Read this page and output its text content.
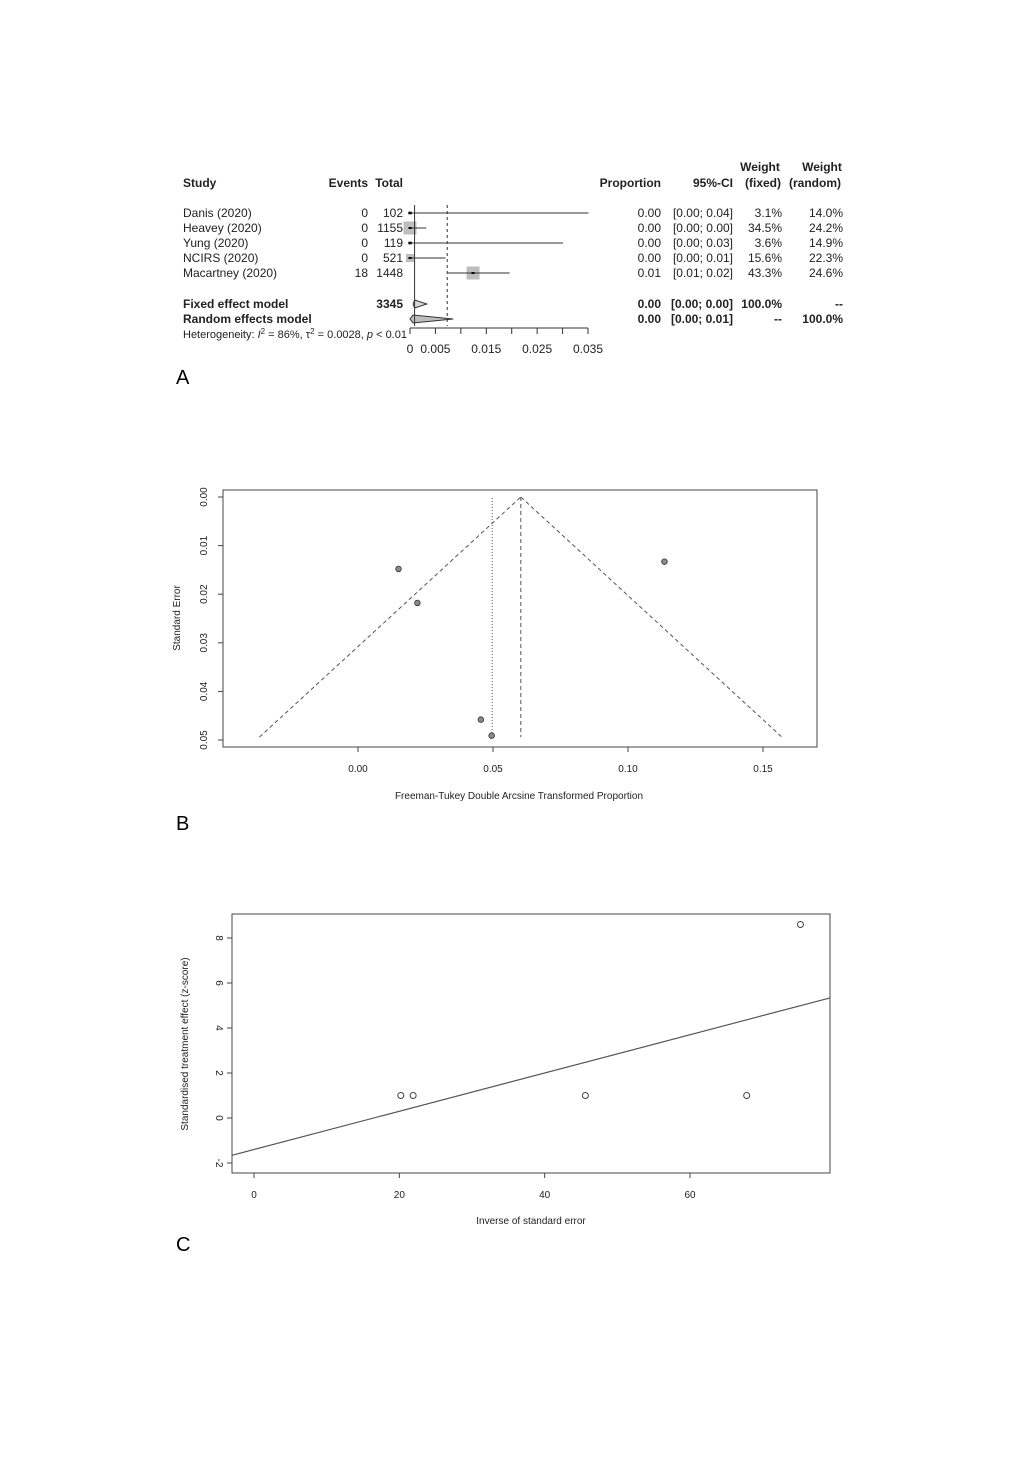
Weight Weight
Study	Events Total	Proportion	95%-CI (fixed) (random)
Danis (2020)	0 102	0.00 [0.00; 0.04] 3.1% 14.0%
Heavey (2020)	0 1155	0.00 [0.00; 0.00] 34.5% 24.2%
Yung (2020)	0 119	0.00 [0.00; 0.03] 3.6% 14.9%
NCIRS (2020)	0 521	0.00 [0.00; 0.01] 15.6% 22.3%
Macartney (2020)	18 1448	0.01 [0.01; 0.02] 43.3% 24.6%
Fixed effect model	3345	0.00 [0.00; 0.00] 100.0%	--
Random effects model	0.00 [0.00; 0.01]	-- 100.0%
0 0.005 0.015 0.025 0.035
Heterogeneity: $I^2 = 86\%$, $\tau^2 = 0.0028$, p < 0.01
A
0.00	0.05	0.10	0.15
0.00
0.01
0.02
0.03
0.04
0.05
Freeman-Tukey Double Arcsine Transformed Proportion
Standard Error
B
0	20	40	60
-2
0
2
4
6
8
Inverse of standard error
Standardised treatment effect (z-score)
C
